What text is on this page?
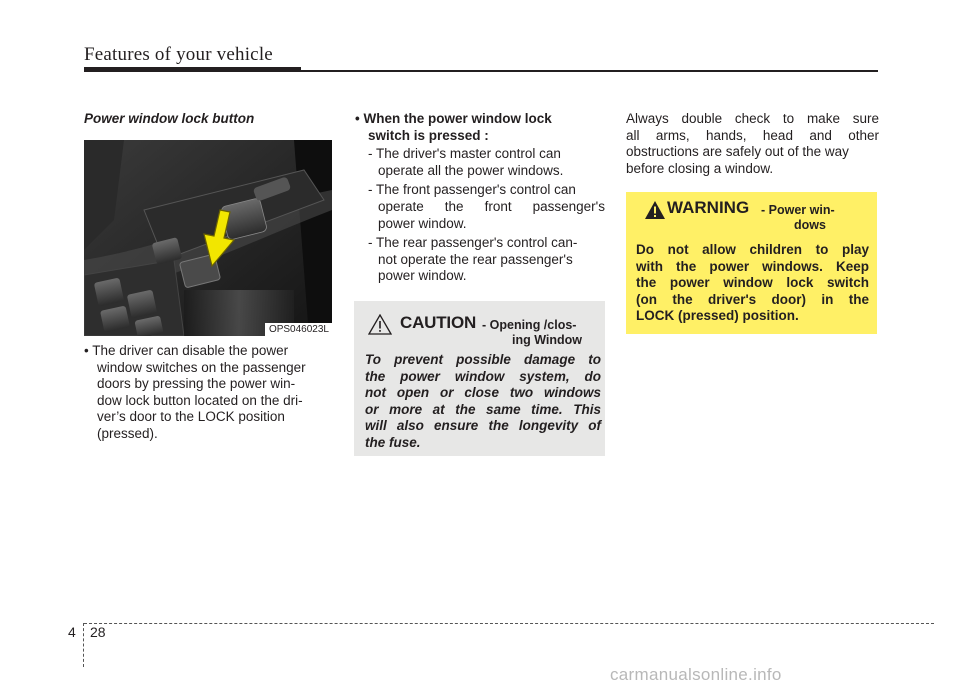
Features of your vehicle
Power window lock button
OPS046023L
• The driver can disable the power
window switches on the passenger
doors by pressing the power win-
dow lock button located on the dri-
ver’s door to the LOCK position
(pressed).
• When the power window lock
switch is pressed :
- The driver's master control can
operate all the power windows.
- The front passenger's control can
operate the front passenger's
power window.
- The rear passenger's control can-
not operate the rear passenger's
power window.
CAUTION - Opening /clos-
ing Window
To prevent possible damage to
the power window system, do
not open or close two windows
or more at the same time. This
will also ensure the longevity of
the fuse.
Always double check to make sure
all arms, hands, head and other
obstructions are safely out of the way
before closing a window.
WARNING - Power win-
dows
Do not allow children to play
with the power windows. Keep
the power window lock switch
(on the driver's door) in the
LOCK (pressed) position.
4 28
carmanualsonline.info
